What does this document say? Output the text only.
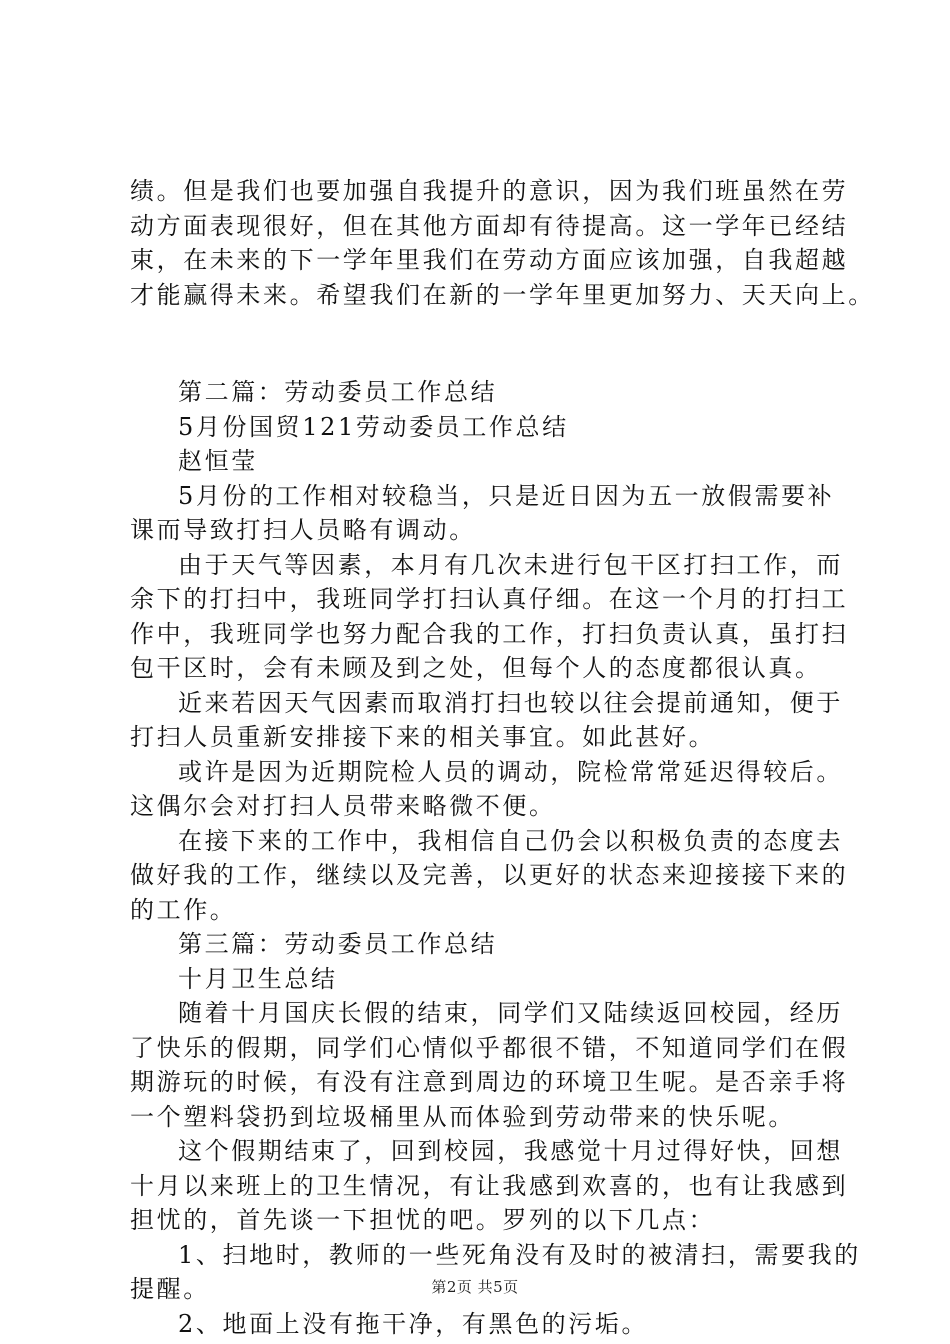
绩。但是我们也要加强自我提升的意识，因为我们班虽然在劳
动方面表现很好，但在其他方面却有待提高。这一学年已经结
束，在未来的下一学年里我们在劳动方面应该加强，自我超越
才能赢得未来。希望我们在新的一学年里更加努力、天天向上。
第二篇：劳动委员工作总结
5月份国贸121劳动委员工作总结
赵恒莹
5月份的工作相对较稳当，只是近日因为五一放假需要补
课而导致打扫人员略有调动。
由于天气等因素，本月有几次未进行包干区打扫工作，而
余下的打扫中，我班同学打扫认真仔细。在这一个月的打扫工
作中，我班同学也努力配合我的工作，打扫负责认真，虽打扫
包干区时，会有未顾及到之处，但每个人的态度都很认真。
近来若因天气因素而取消打扫也较以往会提前通知，便于
打扫人员重新安排接下来的相关事宜。如此甚好。
或许是因为近期院检人员的调动，院检常常延迟得较后。
这偶尔会对打扫人员带来略微不便。
在接下来的工作中，我相信自己仍会以积极负责的态度去
做好我的工作，继续以及完善，以更好的状态来迎接接下来的
的工作。
第三篇：劳动委员工作总结
十月卫生总结
随着十月国庆长假的结束，同学们又陆续返回校园，经历
了快乐的假期，同学们心情似乎都很不错，不知道同学们在假
期游玩的时候，有没有注意到周边的环境卫生呢。是否亲手将
一个塑料袋扔到垃圾桶里从而体验到劳动带来的快乐呢。
这个假期结束了，回到校园，我感觉十月过得好快，回想
十月以来班上的卫生情况，有让我感到欢喜的，也有让我感到
担忧的，首先谈一下担忧的吧。罗列的以下几点：
1、扫地时，教师的一些死角没有及时的被清扫，需要我的
提醒。
2、地面上没有拖干净，有黑色的污垢。
第2页 共5页
